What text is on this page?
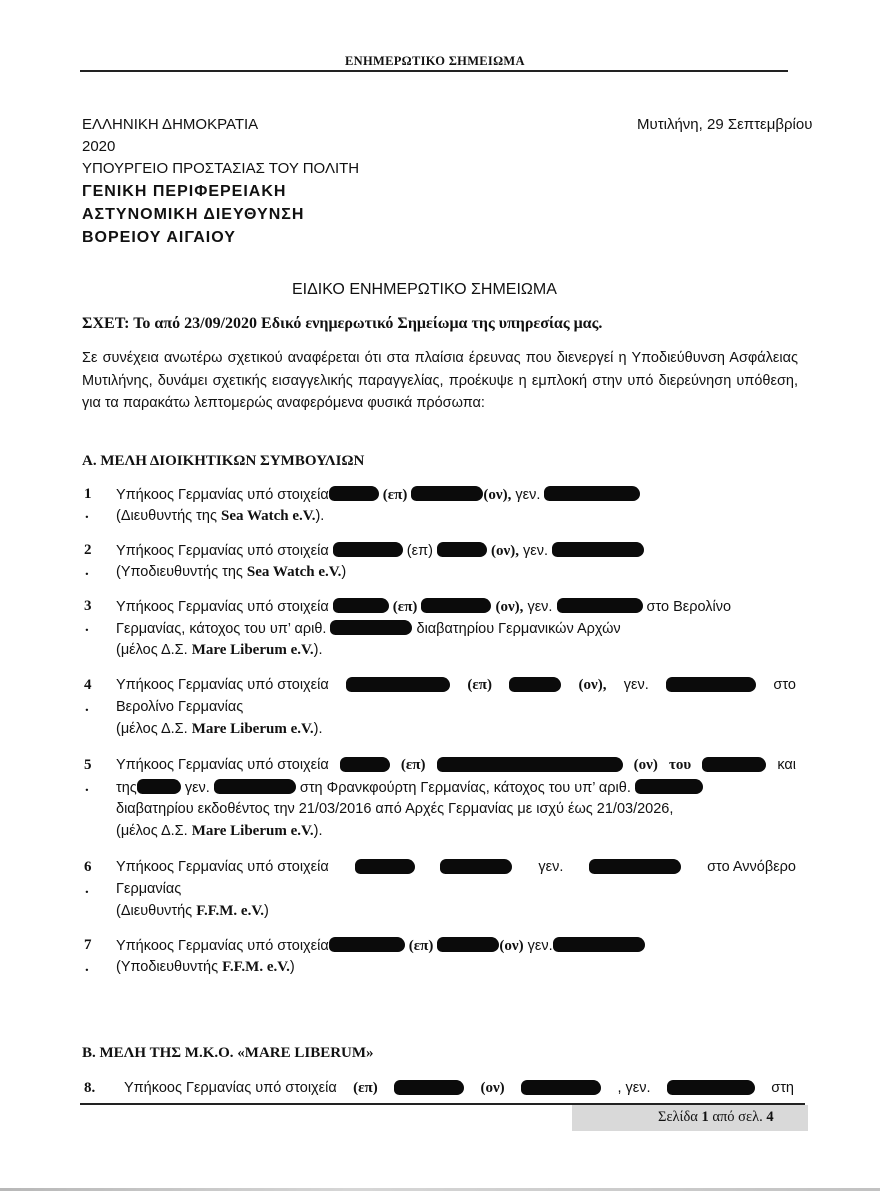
ΕΝΗΜΕΡΩΤΙΚΟ ΣΗΜΕΙΩΜΑ
ΕΛΛΗΝΙΚΗ ΔΗΜΟΚΡΑΤΙΑ
2020
ΥΠΟΥΡΓΕΙΟ ΠΡΟΣΤΑΣΙΑΣ ΤΟΥ ΠΟΛΙΤΗ
ΓΕΝΙΚΗ ΠΕΡΙΦΕΡΕΙΑΚΗ
ΑΣΤΥΝΟΜΙΚΗ ΔΙΕΥΘΥΝΣΗ
ΒΟΡΕΙΟΥ ΑΙΓΑΙΟΥ
Μυτιλήνη, 29 Σεπτεμβρίου
ΕΙΔΙΚΟ ΕΝΗΜΕΡΩΤΙΚΟ ΣΗΜΕΙΩΜΑ
ΣΧΕΤ: Το από 23/09/2020 Εδικό ενημερωτικό Σημείωμα της υπηρεσίας μας.
Σε συνέχεια ανωτέρω σχετικού αναφέρεται ότι στα πλαίσια έρευνας που διενεργεί η Υποδιεύθυνση Ασφάλειας Μυτιλήνης, δυνάμει σχετικής εισαγγελικής παραγγελίας, προέκυψε η εμπλοκή στην υπό διερεύνηση υπόθεση, για τα παρακάτω λεπτομερώς αναφερόμενα φυσικά πρόσωπα:
Α. ΜΕΛΗ ΔΙΟΙΚΗΤΙΚΩΝ ΣΥΜΒΟΥΛΙΩΝ
1
.
Υπήκοος Γερμανίας υπό στοιχεία	(επ)	(ον), γεν.
(Διευθυντής της Sea Watch e.V.).
2
.
Υπήκοος Γερμανίας υπό στοιχεία	(επ)	(ον), γεν.
(Υποδιευθυντής της Sea Watch e.V.)
3
.
Υπήκοος Γερμανίας υπό στοιχεία	(επ)	(ον), γεν.	στο Βερολίνο
Γερμανίας, κάτοχος του υπ’ αριθ.	διαβατηρίου Γερμανικών Αρχών
(μέλος Δ.Σ. Mare Liberum e.V.).
4
.
Υπήκοος Γερμανίας υπό στοιχεία	(επ)	(ον), γεν.	στο
Βερολίνο Γερμανίας
(μέλος Δ.Σ. Mare Liberum e.V.).
5
.
Υπήκοος Γερμανίας υπό στοιχεία	(επ)	(ον) του	και
της	γεν.	στη Φρανκφούρτη Γερμανίας, κάτοχος του υπ’ αριθ.
διαβατηρίου εκδοθέντος την 21/03/2016 από Αρχές Γερμανίας με ισχύ έως 21/03/2026,
(μέλος Δ.Σ. Mare Liberum e.V.).
6
.
Υπήκοος Γερμανίας υπό στοιχεία	γεν.	στο Αννόβερο
Γερμανίας
(Διευθυντής F.F.M. e.V.)
7
.
Υπήκοος Γερμανίας υπό στοιχεία	(επ)	(ον) γεν.
(Υποδιευθυντής F.F.M. e.V.)
Β. ΜΕΛΗ ΤΗΣ Μ.Κ.Ο. «MARE LIBERUM»
8. Υπήκοος Γερμανίας υπό στοιχεία (επ)	(ον)	, γεν.	στη
Σελίδα 1 από σελ. 4
